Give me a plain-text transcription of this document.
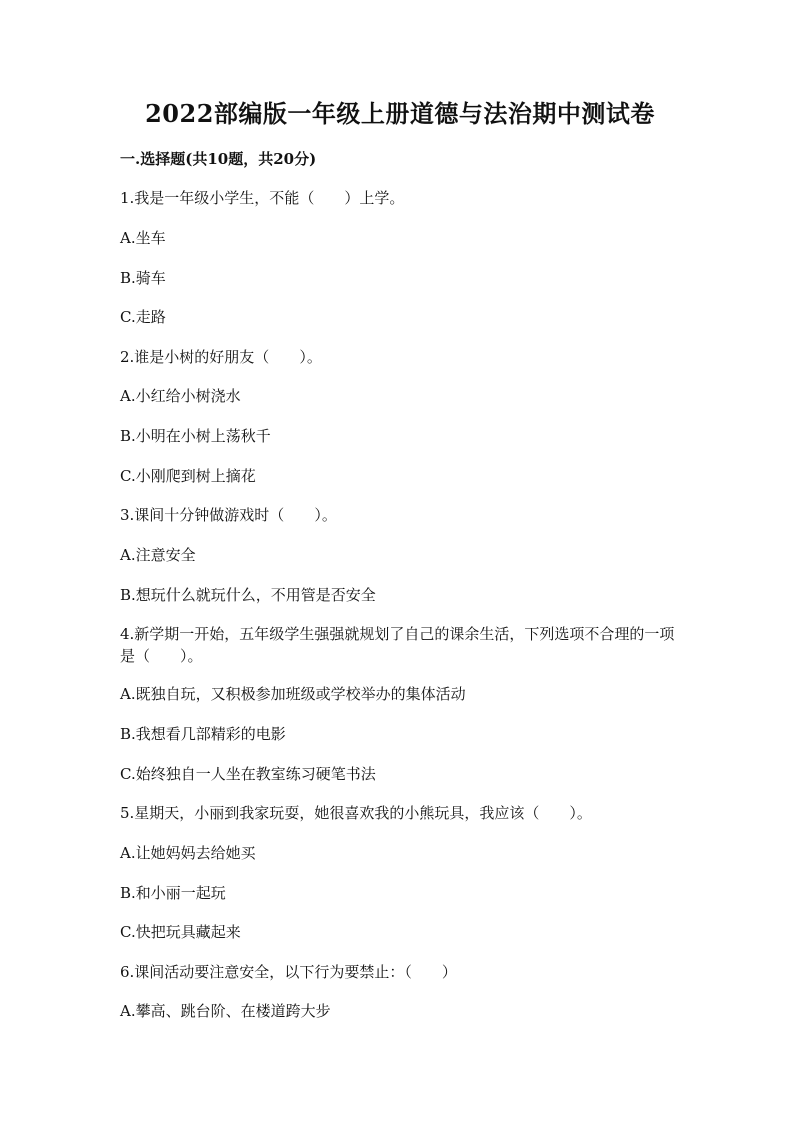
2022部编版一年级上册道德与法治期中测试卷
一.选择题(共10题，共20分)
1.我是一年级小学生，不能（　　）上学。
A.坐车
B.骑车
C.走路
2.谁是小树的好朋友（　　）。
A.小红给小树浇水
B.小明在小树上荡秋千
C.小刚爬到树上摘花
3.课间十分钟做游戏时（　　）。
A.注意安全
B.想玩什么就玩什么，不用管是否安全
4.新学期一开始，五年级学生强强就规划了自己的课余生活，下列选项不合理的一项是（　　）。
A.既独自玩，又积极参加班级或学校举办的集体活动
B.我想看几部精彩的电影
C.始终独自一人坐在教室练习硬笔书法
5.星期天，小丽到我家玩耍，她很喜欢我的小熊玩具，我应该（　　）。
A.让她妈妈去给她买
B.和小丽一起玩
C.快把玩具藏起来
6.课间活动要注意安全，以下行为要禁止：（　　）
A.攀高、跳台阶、在楼道跨大步
